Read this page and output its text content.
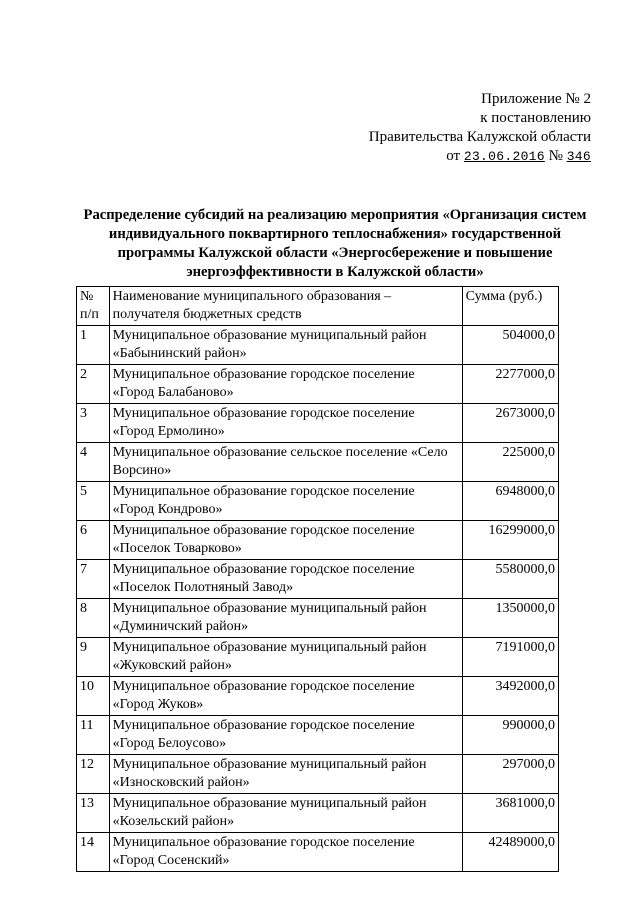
Приложение № 2
к постановлению
Правительства Калужской области
от 23.06.2016 № 346
Распределение субсидий на реализацию мероприятия «Организация систем индивидуального поквартирного теплоснабжения» государственной программы Калужской области «Энергосбережение и повышение энергоэффективности в Калужской области»
№ п/п	Наименование муниципального образования – получателя бюджетных средств	Сумма (руб.)
1	Муниципальное образование муниципальный район «Бабынинский район»	504000,0
2	Муниципальное образование городское поселение «Город Балабаново»	2277000,0
3	Муниципальное образование городское поселение «Город Ермолино»	2673000,0
4	Муниципальное образование сельское поселение «Село Ворсино»	225000,0
5	Муниципальное образование городское поселение «Город Кондрово»	6948000,0
6	Муниципальное образование городское поселение «Поселок Товарково»	16299000,0
7	Муниципальное образование городское поселение «Поселок Полотняный Завод»	5580000,0
8	Муниципальное образование муниципальный район «Думиничский район»	1350000,0
9	Муниципальное образование муниципальный район «Жуковский район»	7191000,0
10	Муниципальное образование городское поселение «Город Жуков»	3492000,0
11	Муниципальное образование городское поселение «Город Белоусово»	990000,0
12	Муниципальное образование муниципальный район «Износковский район»	297000,0
13	Муниципальное образование муниципальный район «Козельский район»	3681000,0
14	Муниципальное образование городское поселение «Город Сосенский»	42489000,0
